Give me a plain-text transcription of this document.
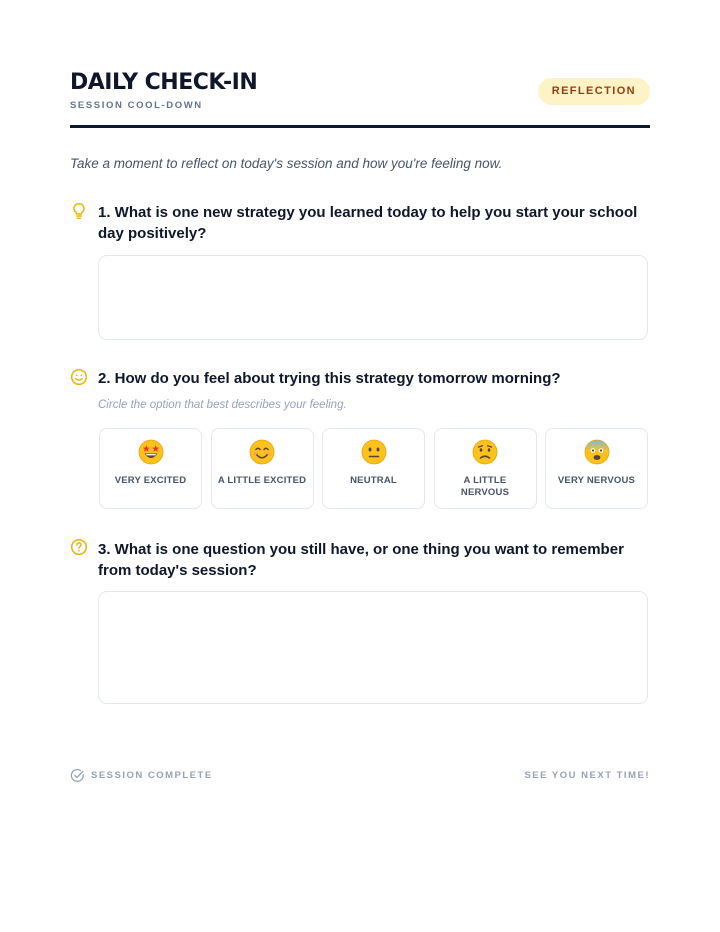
DAILY CHECK-IN
SESSION COOL-DOWN
REFLECTION
Take a moment to reflect on today's session and how you're feeling now.
1. What is one new strategy you learned today to help you start your school day positively?
2. How do you feel about trying this strategy tomorrow morning?
Circle the option that best describes your feeling.
VERY EXCITED	A LITTLE EXCITED	NEUTRAL	A LITTLE NERVOUS
VERY NERVOUS
3. What is one question you still have, or one thing you want to remember from today's session?
SESSION COMPLETE	SEE YOU NEXT TIME!
